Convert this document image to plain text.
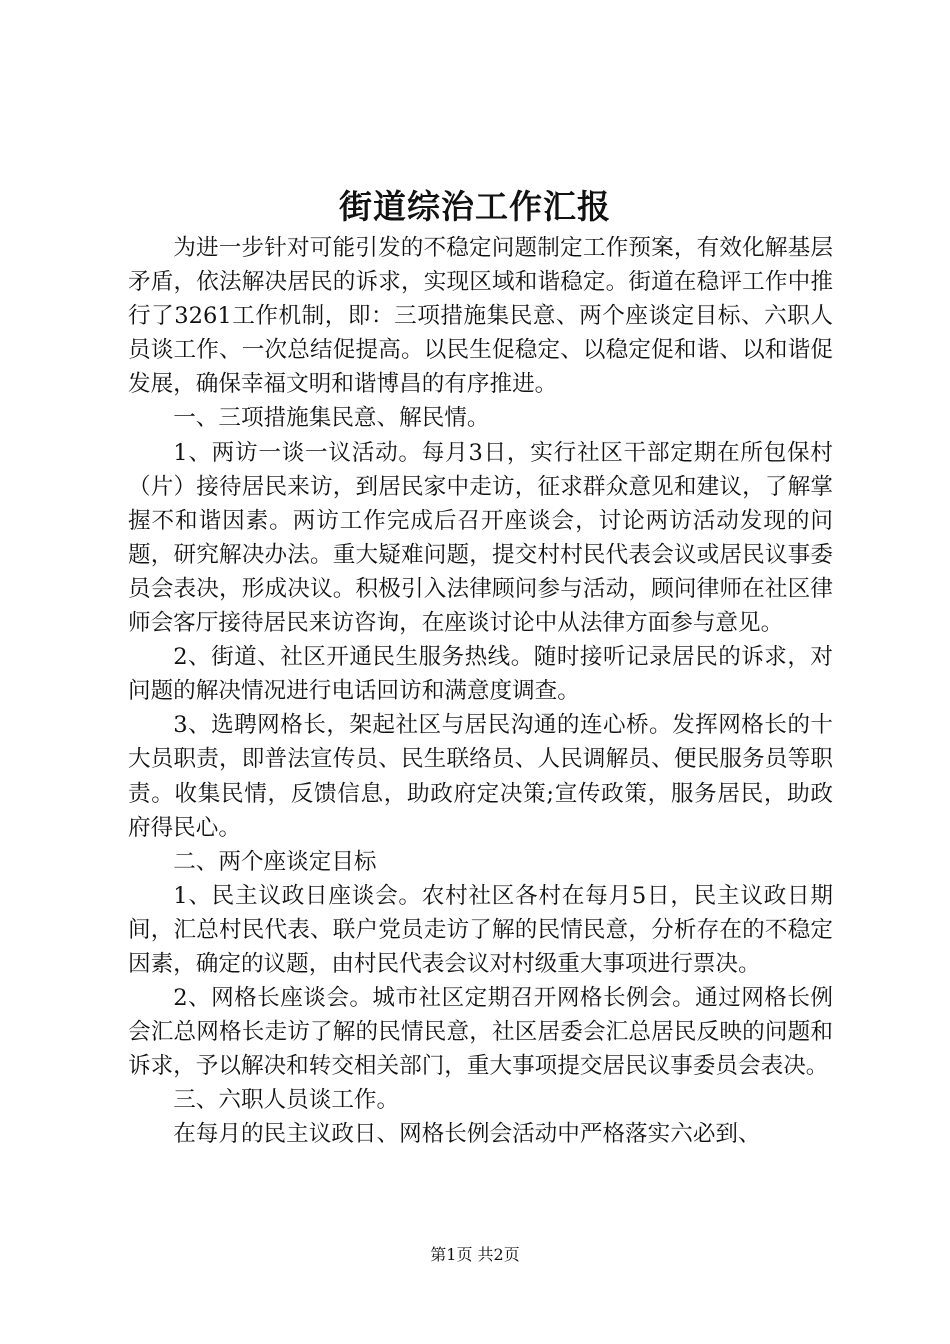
街道综治工作汇报

为进一步针对可能引发的不稳定问题制定工作预案，有效化解基层矛盾，依法解决居民的诉求，实现区域和谐稳定。街道在稳评工作中推行了3261工作机制，即：三项措施集民意、两个座谈定目标、六职人员谈工作、一次总结促提高。以民生促稳定、以稳定促和谐、以和谐促发展，确保幸福文明和谐博昌的有序推进。

一、三项措施集民意、解民情。

1、两访一谈一议活动。每月3日，实行社区干部定期在所包保村（片）接待居民来访，到居民家中走访，征求群众意见和建议，了解掌握不和谐因素。两访工作完成后召开座谈会，讨论两访活动发现的问题，研究解决办法。重大疑难问题，提交村村民代表会议或居民议事委员会表决，形成决议。积极引入法律顾问参与活动，顾问律师在社区律师会客厅接待居民来访咨询，在座谈讨论中从法律方面参与意见。

2、街道、社区开通民生服务热线。随时接听记录居民的诉求，对问题的解决情况进行电话回访和满意度调查。

3、选聘网格长，架起社区与居民沟通的连心桥。发挥网格长的十大员职责，即普法宣传员、民生联络员、人民调解员、便民服务员等职责。收集民情，反馈信息，助政府定决策;宣传政策，服务居民，助政府得民心。

二、两个座谈定目标

1、民主议政日座谈会。农村社区各村在每月5日，民主议政日期间，汇总村民代表、联户党员走访了解的民情民意，分析存在的不稳定因素，确定的议题，由村民代表会议对村级重大事项进行票决。

2、网格长座谈会。城市社区定期召开网格长例会。通过网格长例会汇总网格长走访了解的民情民意，社区居委会汇总居民反映的问题和诉求，予以解决和转交相关部门，重大事项提交居民议事委员会表决。

三、六职人员谈工作。

在每月的民主议政日、网格长例会活动中严格落实六必到、

第1页 共2页
